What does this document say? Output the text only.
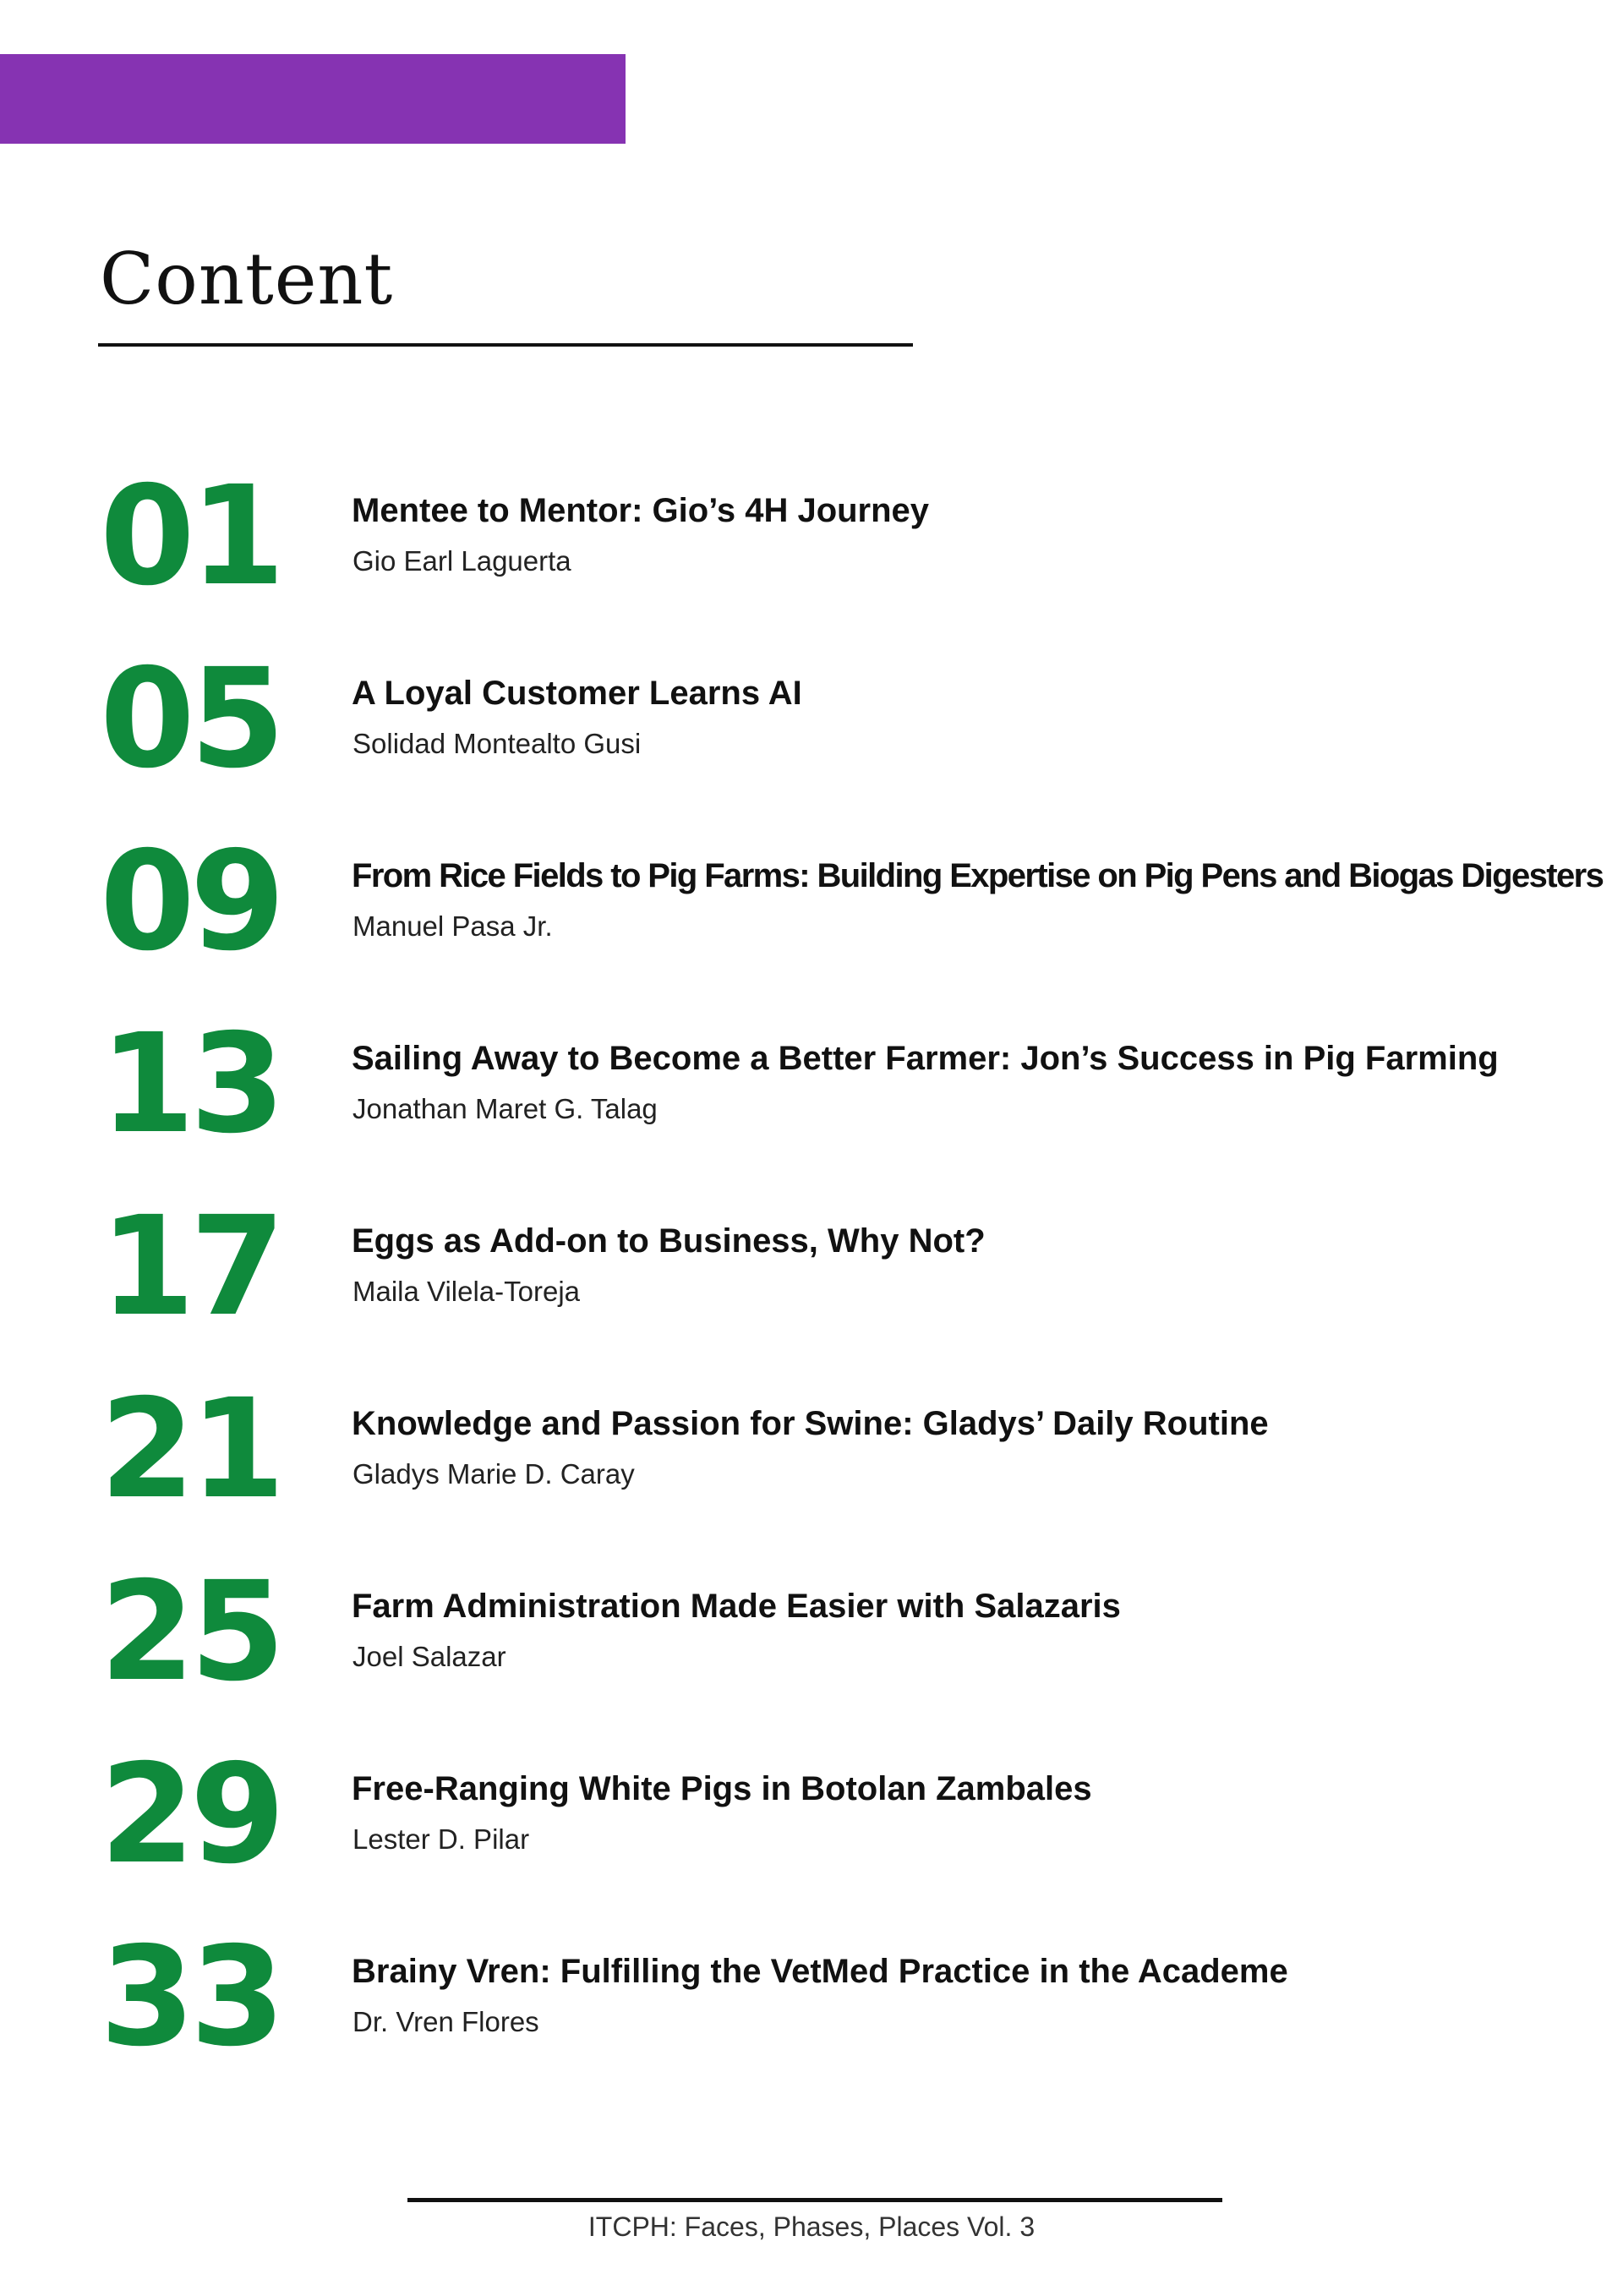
Content
01 Mentee to Mentor: Gio’s 4H Journey
Gio Earl Laguerta
05 A Loyal Customer Learns AI
Solidad Montealto Gusi
09 From Rice Fields to Pig Farms: Building Expertise on Pig Pens and Biogas Digesters
Manuel Pasa Jr.
13 Sailing Away to Become a Better Farmer: Jon’s Success in Pig Farming
Jonathan Maret G. Talag
17 Eggs as Add-on to Business, Why Not?
Maila Vilela-Toreja
21 Knowledge and Passion for Swine: Gladys’ Daily Routine
Gladys Marie D. Caray
25 Farm Administration Made Easier with Salazaris
Joel Salazar
29 Free-Ranging White Pigs in Botolan Zambales
Lester D. Pilar
33 Brainy Vren: Fulfilling the VetMed Practice in the Academe
Dr. Vren Flores
ITCPH: Faces, Phases, Places Vol. 3
